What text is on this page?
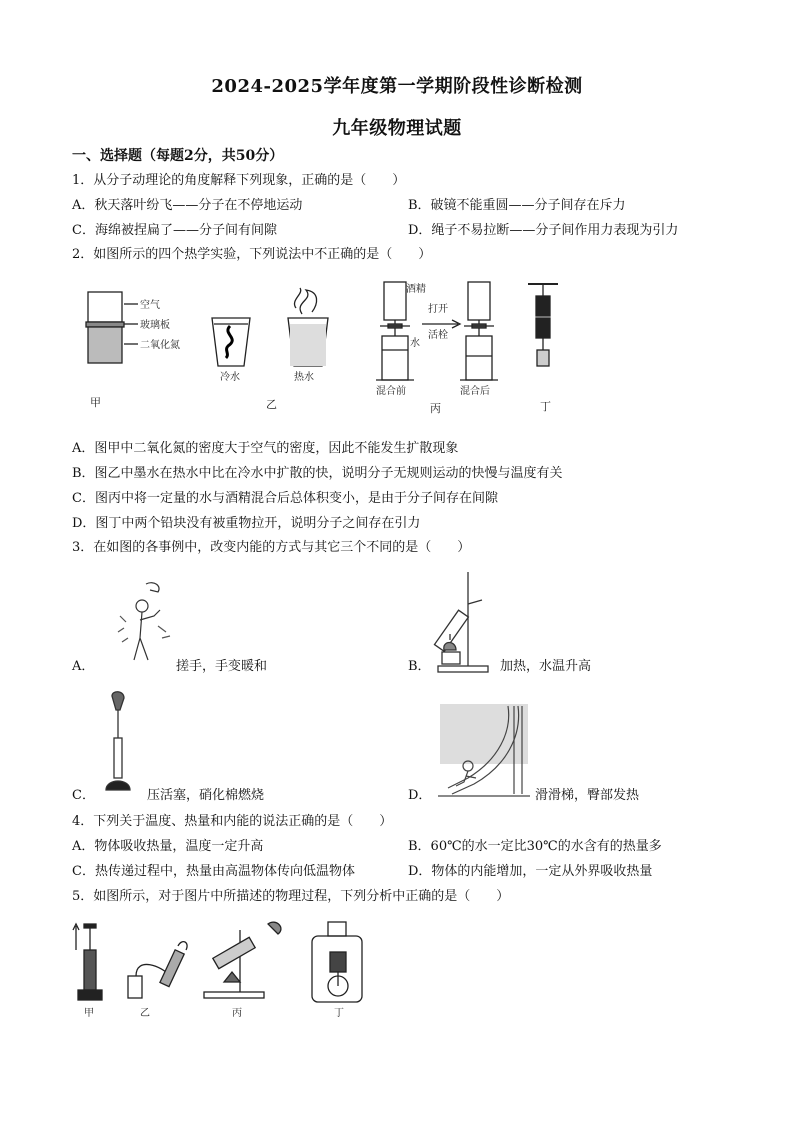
2024-2025学年度第一学期阶段性诊断检测
九年级物理试题
一、选择题（每题2分，共50分）
1．从分子动理论的角度解释下列现象，正确的是（　　）
A．秋天落叶纷飞——分子在不停地运动	B．破镜不能重圆——分子间存在斥力
C．海绵被捏扁了——分子间有间隙	D．绳子不易拉断——分子间作用力表现为引力
2．如图所示的四个热学实验，下列说法中不正确的是（　　）
空气
玻璃板
二氧化氮
甲
冷水	热水
乙
酒精
水
打开
活栓
混合前	混合后
丙	丁
A．图甲中二氧化氮的密度大于空气的密度，因此不能发生扩散现象
B．图乙中墨水在热水中比在冷水中扩散的快，说明分子无规则运动的快慢与温度有关
C．图丙中将一定量的水与酒精混合后总体积变小，是由于分子间存在间隙
D．图丁中两个铅块没有被重物拉开，说明分子之间存在引力
3．在如图的各事例中，改变内能的方式与其它三个不同的是（　　）
A．	搓手，手变暖和	B．	加热，水温升高
C．	压活塞，硝化棉燃烧	D．	滑滑梯，臀部发热
4．下列关于温度、热量和内能的说法正确的是（　　）
A．物体吸收热量，温度一定升高	B．60℃的水一定比30℃的水含有的热量多
C．热传递过程中，热量由高温物体传向低温物体	D．物体的内能增加，一定从外界吸收热量
5．如图所示，对于图片中所描述的物理过程，下列分析中正确的是（　　）
甲	乙	丙	丁
